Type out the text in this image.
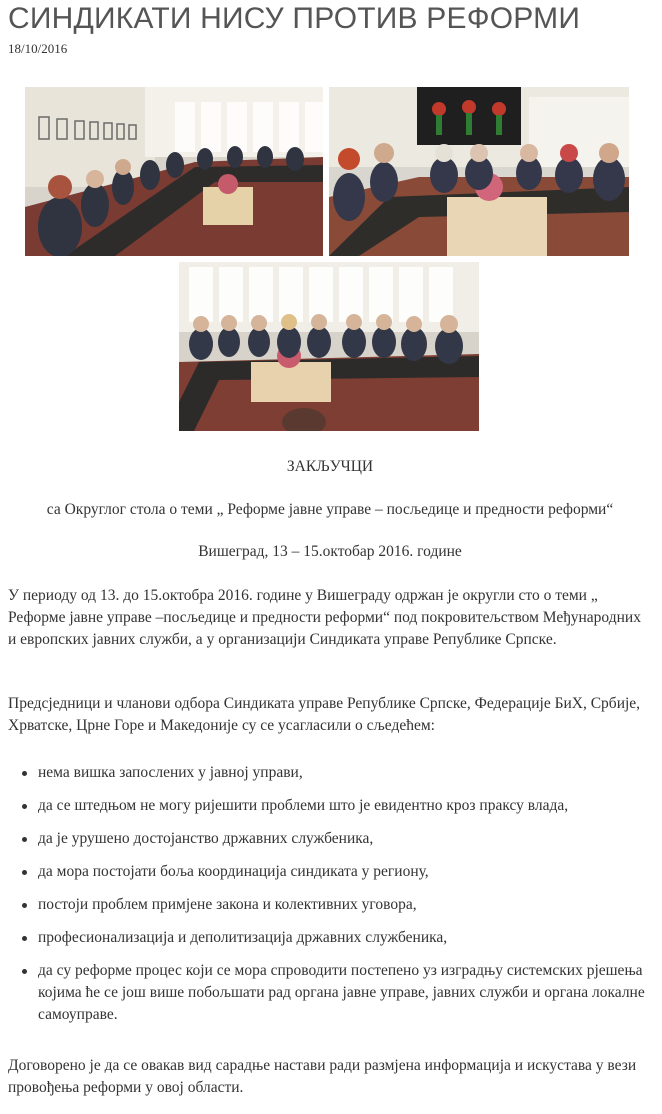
СИНДИКАТИ НИСУ ПРОТИВ РЕФОРМИ
18/10/2016

ЗАКЉУЧЦИ

са Округлог стола о теми „ Реформе јавне управе – посљедице и предности реформи“

Вишеград, 13 – 15.октобар 2016. године

У периоду од 13. до 15.октобра 2016. године у Вишеграду одржан је округли сто о теми „ Реформе јавне управе –посљедице и предности реформи“ под покровитељством Међународних и европских јавних служби, а у организацији Синдиката управе Републике Српске.

Предсједници и чланови одбора Синдиката управе Републике Српске, Федерације БиХ, Србије, Хрватске, Црне Горе и Македоније су се усагласили о сљедећем:

нема вишка запослених у јавној управи,
да се штедњом не могу ријешити проблеми што је евидентно кроз праксу влада,
да је урушено достојанство државних службеника,
да мора постојати боља координација синдиката у региону,
постоји проблем примјене закона и колективних уговора,
професионализација и деполитизација државних службеника,
да су реформе процес који се мора спроводити постепено уз изградњу системских рјешења којима ће се још више побољшати рад органа јавне управе, јавних служби и органа локалне самоуправе.

Договорено је да се овакав вид сарадње настави ради размјена информација и искустава у вези провођења реформи у овој области.
